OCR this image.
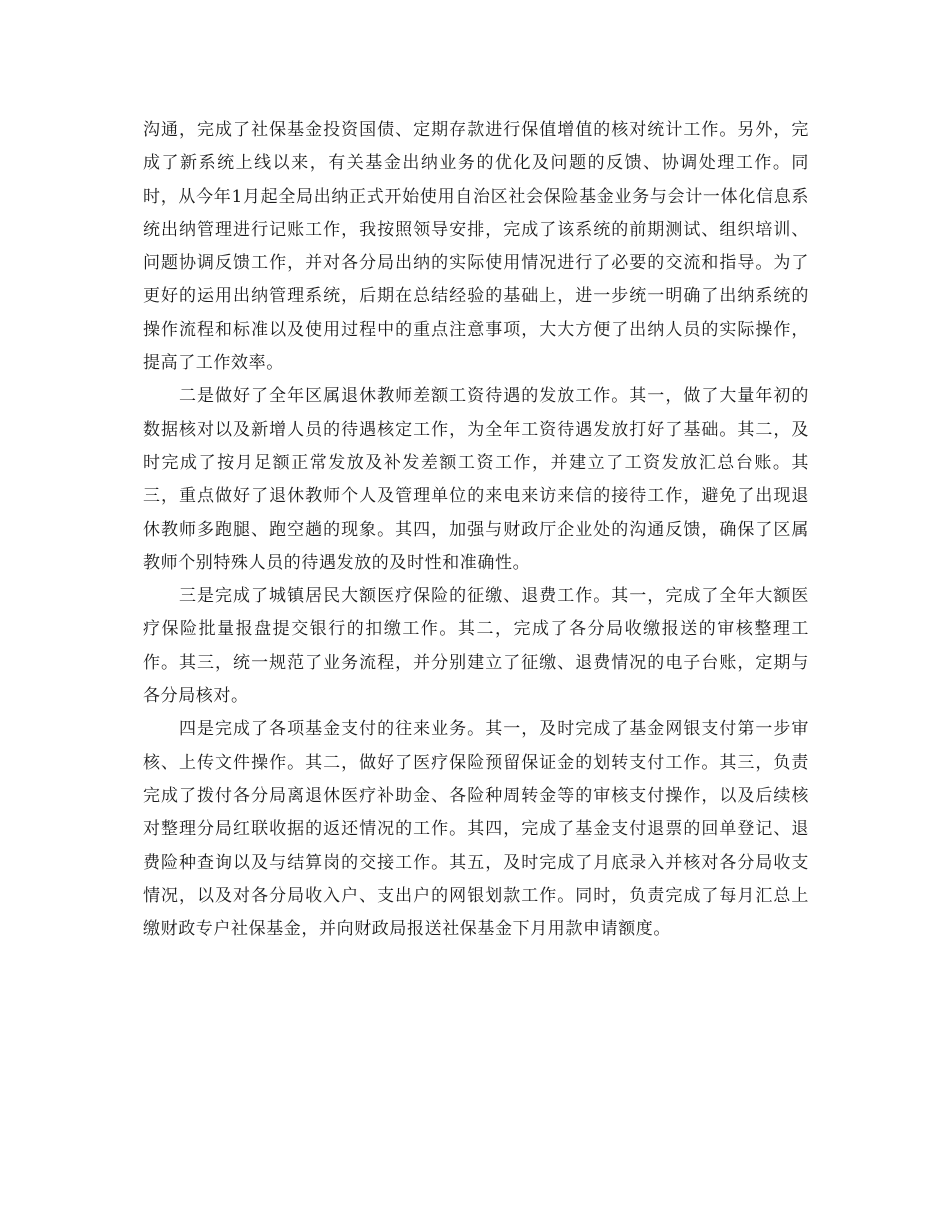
沟通，完成了社保基金投资国债、定期存款进行保值增值的核对统计工作。另外，完成了新系统上线以来，有关基金出纳业务的优化及问题的反馈、协调处理工作。同时，从今年1月起全局出纳正式开始使用自治区社会保险基金业务与会计一体化信息系统出纳管理进行记账工作，我按照领导安排，完成了该系统的前期测试、组织培训、问题协调反馈工作，并对各分局出纳的实际使用情况进行了必要的交流和指导。为了更好的运用出纳管理系统，后期在总结经验的基础上，进一步统一明确了出纳系统的操作流程和标准以及使用过程中的重点注意事项，大大方便了出纳人员的实际操作，提高了工作效率。

二是做好了全年区属退休教师差额工资待遇的发放工作。其一，做了大量年初的数据核对以及新增人员的待遇核定工作，为全年工资待遇发放打好了基础。其二，及时完成了按月足额正常发放及补发差额工资工作，并建立了工资发放汇总台账。其三，重点做好了退休教师个人及管理单位的来电来访来信的接待工作，避免了出现退休教师多跑腿、跑空趟的现象。其四，加强与财政厅企业处的沟通反馈，确保了区属教师个别特殊人员的待遇发放的及时性和准确性。

三是完成了城镇居民大额医疗保险的征缴、退费工作。其一，完成了全年大额医疗保险批量报盘提交银行的扣缴工作。其二，完成了各分局收缴报送的审核整理工作。其三，统一规范了业务流程，并分别建立了征缴、退费情况的电子台账，定期与各分局核对。

四是完成了各项基金支付的往来业务。其一，及时完成了基金网银支付第一步审核、上传文件操作。其二，做好了医疗保险预留保证金的划转支付工作。其三，负责完成了拨付各分局离退休医疗补助金、各险种周转金等的审核支付操作，以及后续核对整理分局红联收据的返还情况的工作。其四，完成了基金支付退票的回单登记、退费险种查询以及与结算岗的交接工作。其五，及时完成了月底录入并核对各分局收支情况，以及对各分局收入户、支出户的网银划款工作。同时，负责完成了每月汇总上缴财政专户社保基金，并向财政局报送社保基金下月用款申请额度。
